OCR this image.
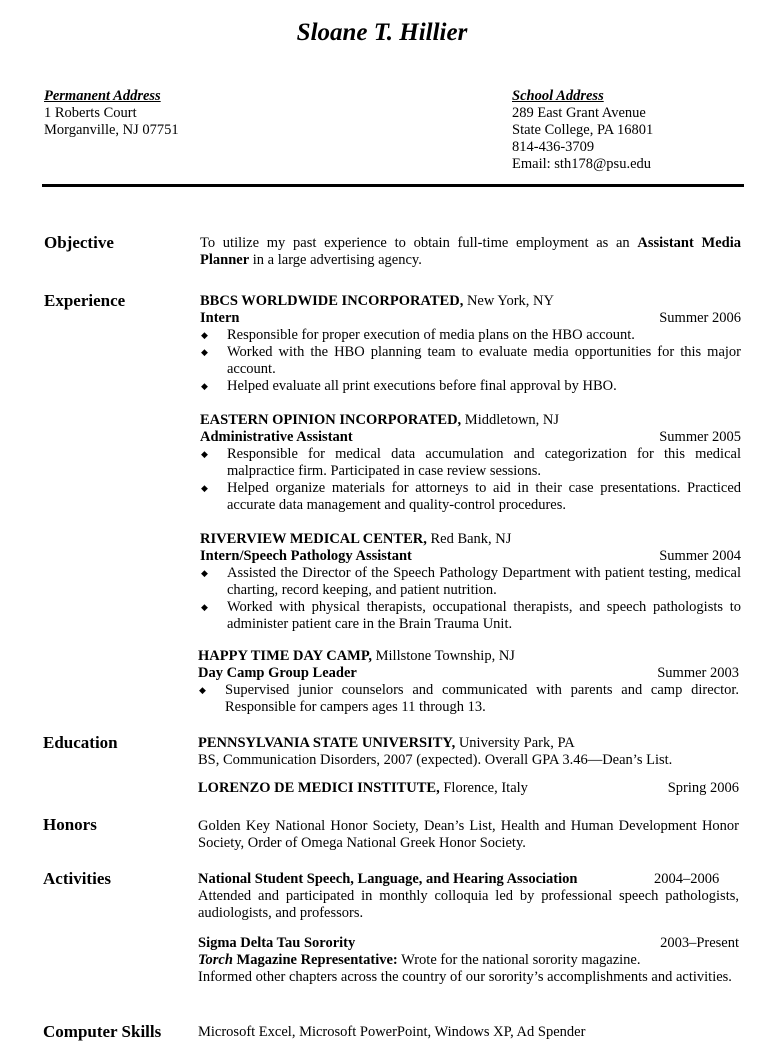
Sloane T. Hillier
Permanent Address
1 Roberts Court
Morganville, NJ 07751
School Address
289 East Grant Avenue
State College, PA 16801
814-436-3709
Email: sth178@psu.edu
Objective	To utilize my past experience to obtain full-time employment as an Assistant Media Planner in a large advertising agency.
Experience	BBCS WORLDWIDE INCORPORATED, New York, NY
Intern	Summer 2006
◆ Responsible for proper execution of media plans on the HBO account.
◆ Worked with the HBO planning team to evaluate media opportunities for this major account.
◆ Helped evaluate all print executions before final approval by HBO.
EASTERN OPINION INCORPORATED, Middletown, NJ
Administrative Assistant	Summer 2005
◆ Responsible for medical data accumulation and categorization for this medical malpractice firm. Participated in case review sessions.
◆ Helped organize materials for attorneys to aid in their case presentations. Practiced accurate data management and quality-control procedures.
RIVERVIEW MEDICAL CENTER, Red Bank, NJ
Intern/Speech Pathology Assistant	Summer 2004
◆ Assisted the Director of the Speech Pathology Department with patient testing, medical charting, record keeping, and patient nutrition.
◆ Worked with physical therapists, occupational therapists, and speech pathologists to administer patient care in the Brain Trauma Unit.
HAPPY TIME DAY CAMP, Millstone Township, NJ
Day Camp Group Leader	Summer 2003
◆ Supervised junior counselors and communicated with parents and camp director. Responsible for campers ages 11 through 13.
Education	PENNSYLVANIA STATE UNIVERSITY, University Park, PA
BS, Communication Disorders, 2007 (expected). Overall GPA 3.46—Dean’s List.
LORENZO DE MEDICI INSTITUTE, Florence, Italy	Spring 2006
Honors	Golden Key National Honor Society, Dean’s List, Health and Human Development Honor Society, Order of Omega National Greek Honor Society.
Activities	National Student Speech, Language, and Hearing Association	2004–2006
Attended and participated in monthly colloquia led by professional speech pathologists, audiologists, and professors.
Sigma Delta Tau Sorority	2003–Present
Torch Magazine Representative: Wrote for the national sorority magazine.
Informed other chapters across the country of our sorority’s accomplishments and activities.
Computer Skills	Microsoft Excel, Microsoft PowerPoint, Windows XP, Ad Spender
